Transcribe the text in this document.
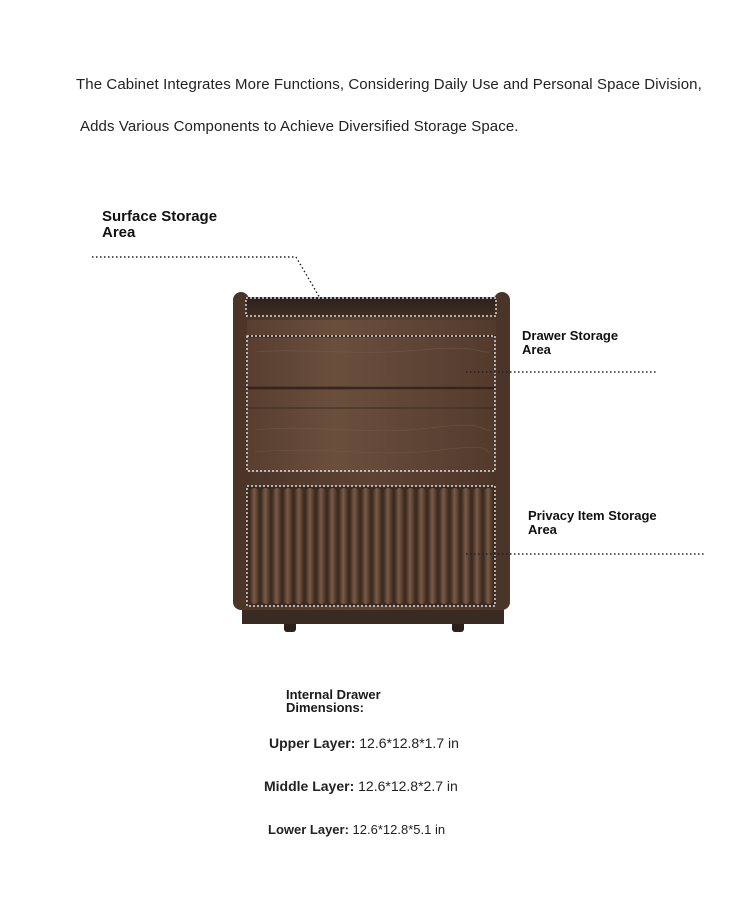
The Cabinet Integrates More Functions, Considering Daily Use and Personal Space Division,
Adds Various Components to Achieve Diversified Storage Space.
Surface Storage
Area
Drawer Storage
Area
Privacy Item Storage
Area
Internal Drawer
Dimensions:
Upper Layer: 12.6*12.8*1.7 in
Middle Layer: 12.6*12.8*2.7 in
Lower Layer: 12.6*12.8*5.1 in
